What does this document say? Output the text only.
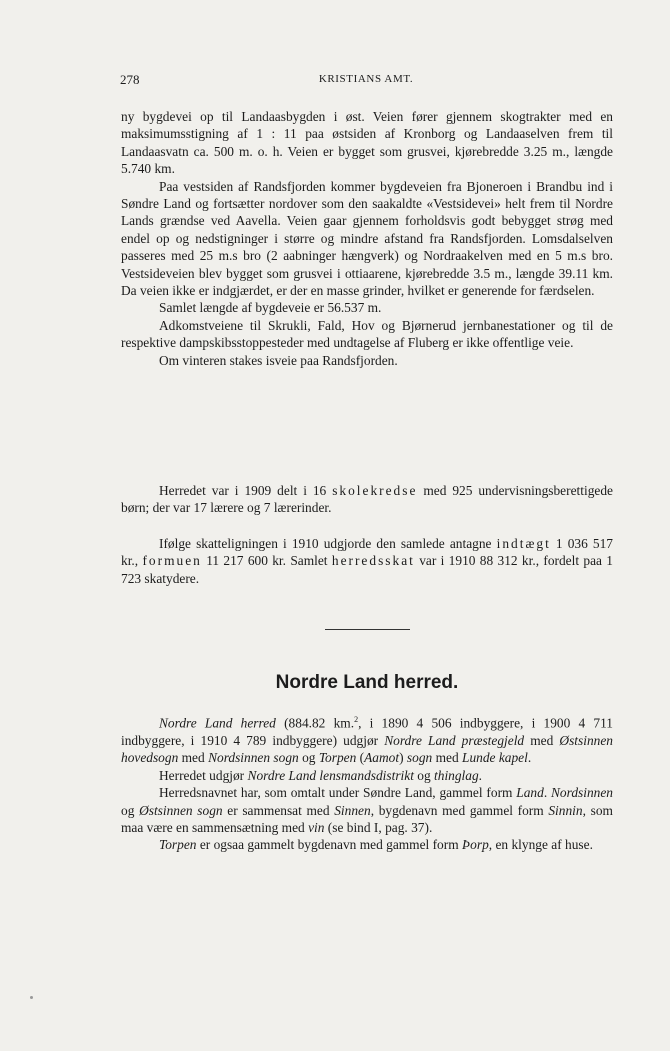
278	KRISTIANS AMT.

ny bygdevei op til Landaasbygden i øst. Veien fører gjennem skogtrakter med en maksimumsstigning af 1 : 11 paa østsiden af Kronborg og Landaaselven frem til Landaasvatn ca. 500 m. o. h. Veien er bygget som grusvei, kjørebredde 3.25 m., længde 5.740 km.

Paa vestsiden af Randsfjorden kommer bygdeveien fra Bjoneroen i Brandbu ind i Søndre Land og fortsætter nordover som den saakaldte «Vestsidevei» helt frem til Nordre Lands grændse ved Aavella. Veien gaar gjennem forholdsvis godt bebygget strøg med endel op og nedstigninger i større og mindre afstand fra Randsfjorden. Lomsdalselven passeres med 25 m.s bro (2 aabninger hængverk) og Nordraakelven med en 5 m.s bro. Vestsideveien blev bygget som grusvei i ottiaarene, kjørebredde 3.5 m., længde 39.11 km. Da veien ikke er indgjærdet, er der en masse grinder, hvilket er generende for færdselen.

Samlet længde af bygdeveie er 56.537 m.

Adkomstveiene til Skrukli, Fald, Hov og Bjørnerud jernbanestationer og til de respektive dampskibsstoppesteder med undtagelse af Fluberg er ikke offentlige veie.

Om vinteren stakes isveie paa Randsfjorden.

Herredet var i 1909 delt i 16 skolekredse med 925 undervisningsberettigede børn; der var 17 lærere og 7 lærerinder.

Ifølge skatteligningen i 1910 udgjorde den samlede antagne indtægt 1 036 517 kr., formuen 11 217 600 kr. Samlet herredsskat var i 1910 88 312 kr., fordelt paa 1 723 skatydere.

Nordre Land herred.

Nordre Land herred (884.82 km.$^2$, i 1890 4 506 indbyggere, i 1900 4 711 indbyggere, i 1910 4 789 indbyggere) udgjør Nordre Land præstegjeld med Østsinnen hovedsogn med Nordsinnen sogn og Torpen (Aamot) sogn med Lunde kapel.

Herredet udgjør Nordre Land lensmandsdistrikt og thinglag.

Herredsnavnet har, som omtalt under Søndre Land, gammel form Land. Nordsinnen og Østsinnen sogn er sammensat med Sinnen, bygdenavn med gammel form Sinnin, som maa være en sammensætning med vin (se bind I, pag. 37).

Torpen er ogsaa gammelt bygdenavn med gammel form Þorp, en klynge af huse.
